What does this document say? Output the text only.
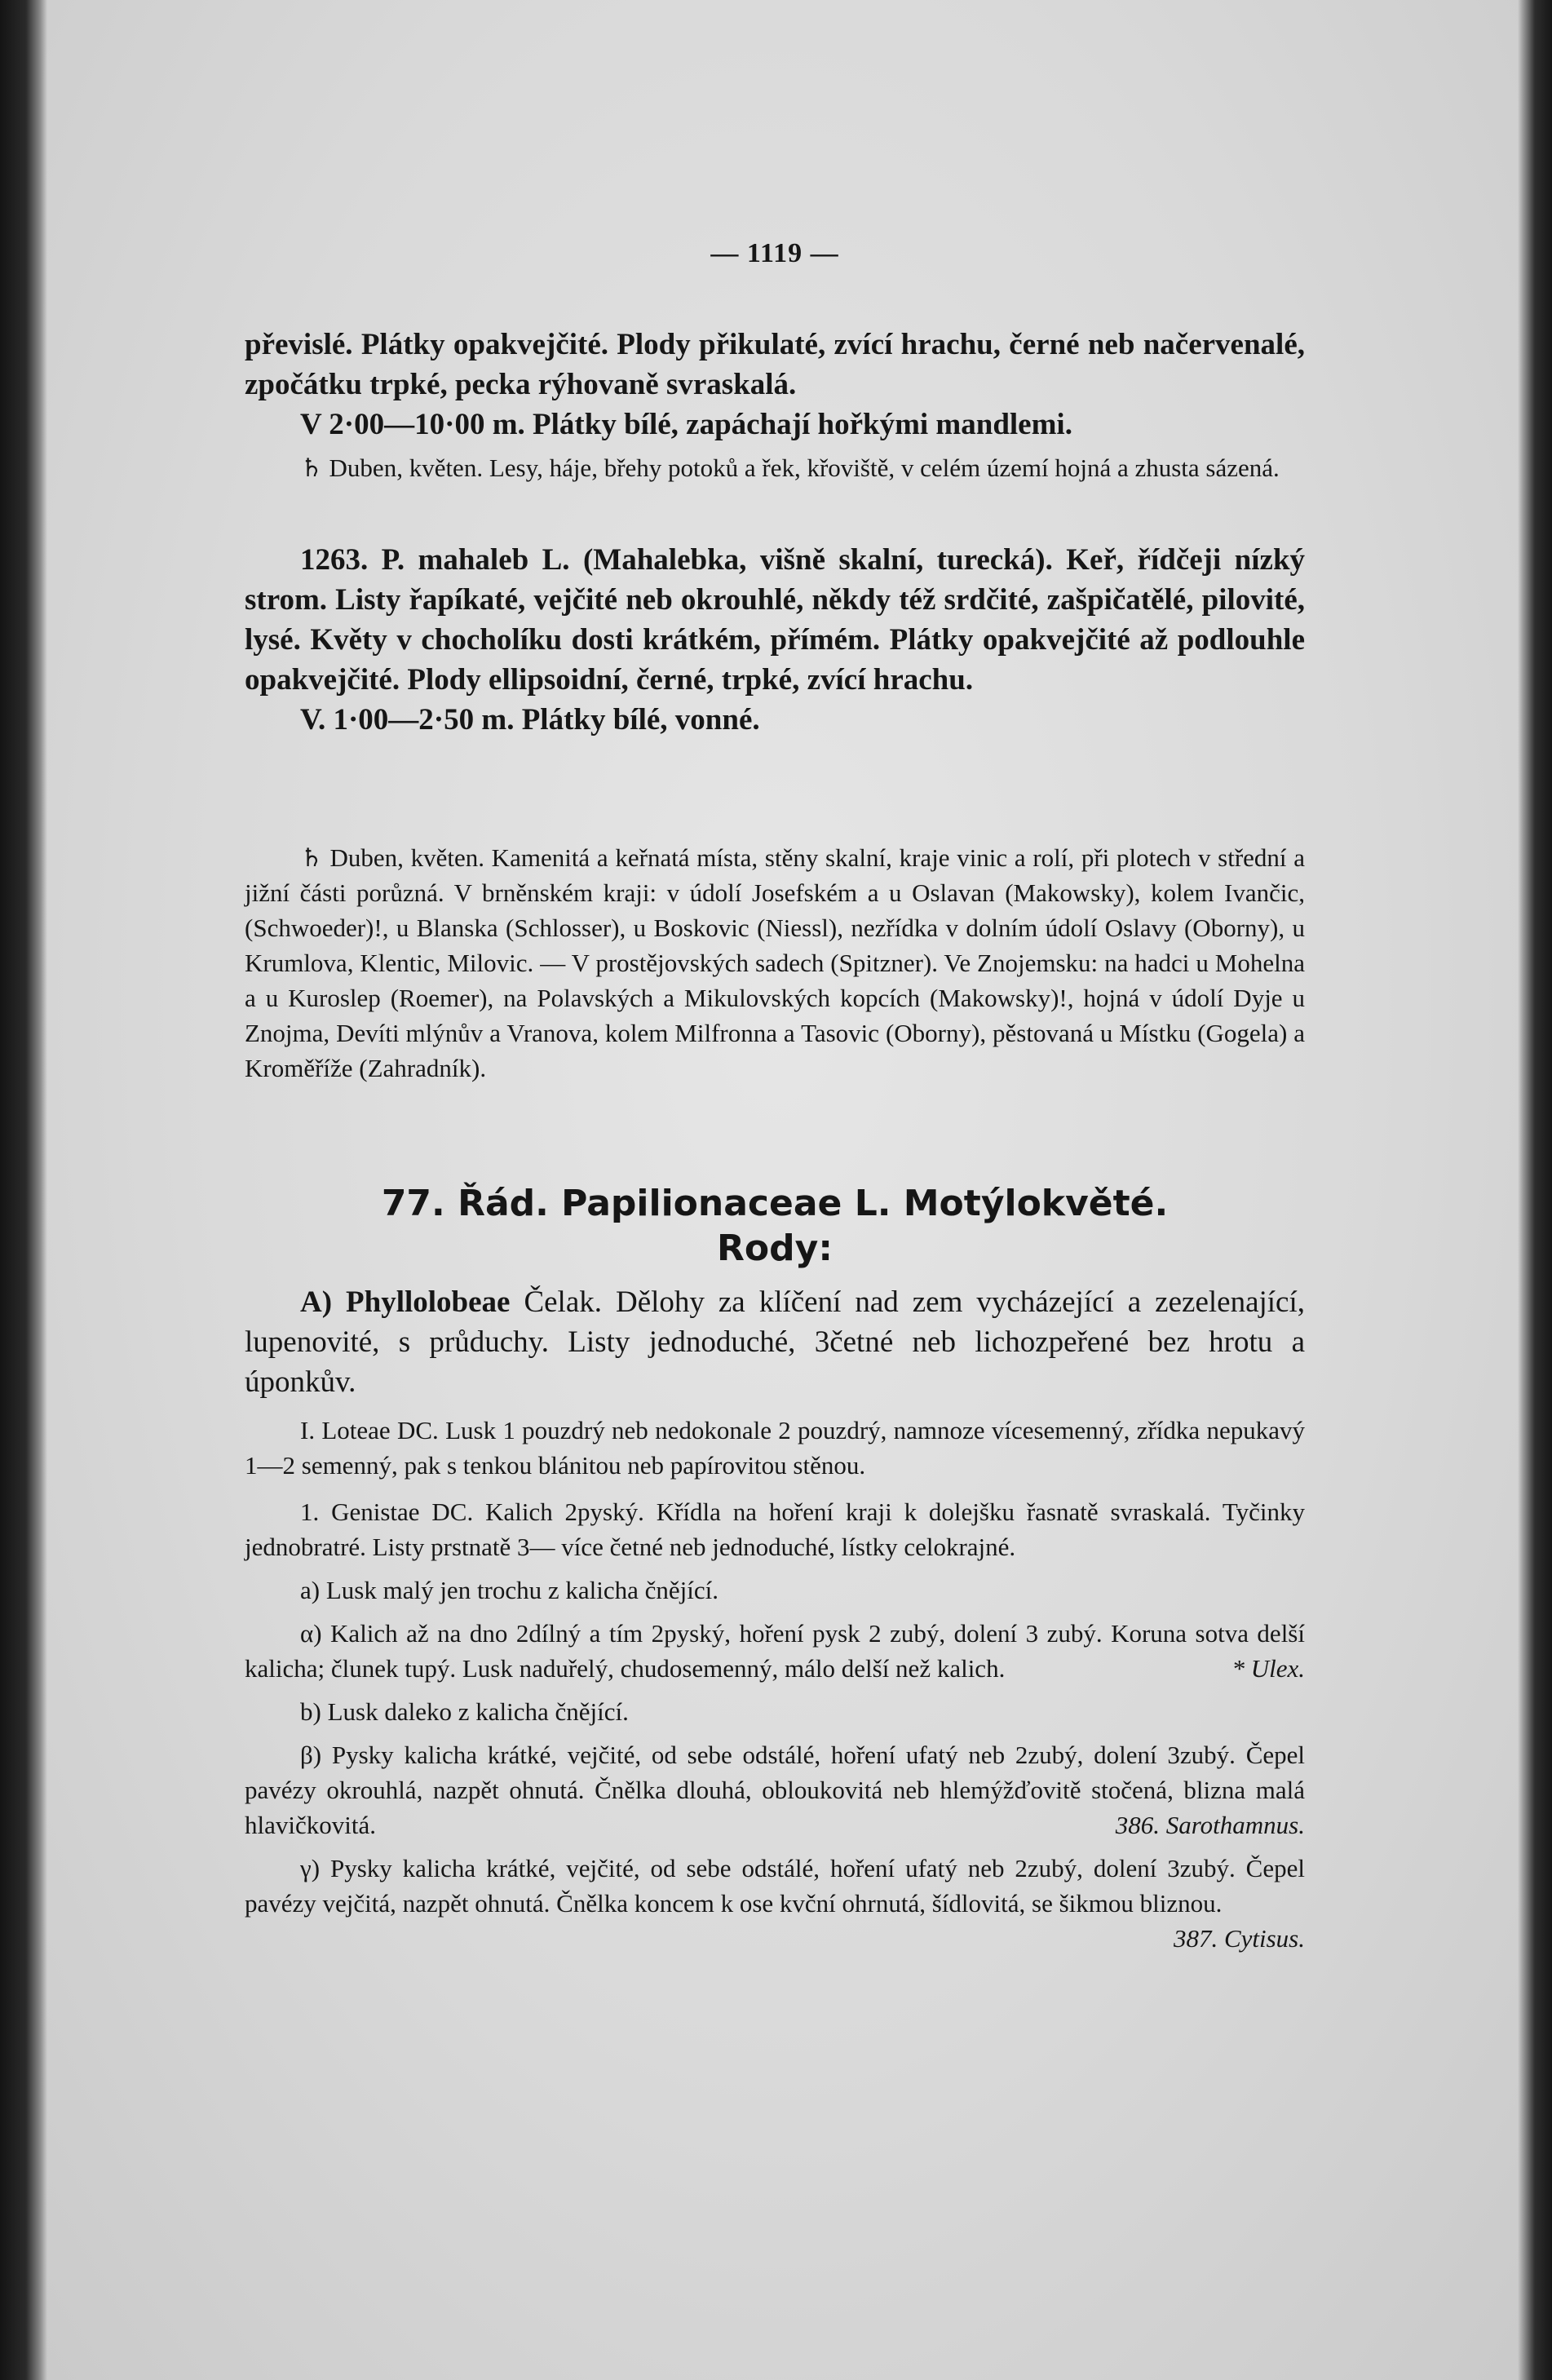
— 1119 —

převislé. Plátky opakvejčité. Plody přikulaté, zvící hrachu, černé neb načervenalé, zpočátku trpké, pecka rýhovaně svraskalá.

V 2·00—10·00 m. Plátky bílé, zapáchají hořkými mandlemi.

♄ Duben, květen. Lesy, háje, břehy potoků a řek, křoviště, v celém území hojná a zhusta sázená.

1263. P. mahaleb L. (Mahalebka, višně skalní, turecká). Keř, řídčeji nízký strom. Listy řapíkaté, vejčité neb okrouhlé, někdy též srdčité, zašpičatělé, pilovité, lysé. Květy v chocholíku dosti krátkém, přímém. Plátky opakvejčité až podlouhle opakvejčité. Plody ellipsoidní, černé, trpké, zvící hrachu.

V. 1·00—2·50 m. Plátky bílé, vonné.

♄ Duben, květen. Kamenitá a keřnatá místa, stěny skalní, kraje vinic a rolí, při plotech v střední a jižní části porůzná. V brněnském kraji: v údolí Josefském a u Oslavan (Makowsky), kolem Ivančic, (Schwoeder)!, u Blanska (Schlosser), u Boskovic (Niessl), nezřídka v dolním údolí Oslavy (Oborny), u Krumlova, Klentic, Milovic. — V prostějovských sadech (Spitzner). Ve Znojemsku: na hadci u Mohelna a u Kuroslep (Roemer), na Polavských a Mikulovských kopcích (Makowsky)!, hojná v údolí Dyje u Znojma, Devíti mlýnův a Vranova, kolem Milfronna a Tasovic (Oborny), pěstovaná u Místku (Gogela) a Kroměříže (Zahradník).

77. Řád. Papilionaceae L. Motýlokvěté.

Rody:

A) Phyllolobeae Čelak. Dělohy za klíčení nad zem vycházející a zezelenající, lupenovité, s průduchy. Listy jednoduché, 3četné neb lichozpeřené bez hrotu a úponkův.

I. Loteae DC. Lusk 1 pouzdrý neb nedokonale 2 pouzdrý, namnoze vícesemenný, zřídka nepukavý 1—2 semenný, pak s tenkou blánitou neb papírovitou stěnou.

1. Genistae DC. Kalich 2pyský. Křídla na hoření kraji k dolejšku řasnatě svraskalá. Tyčinky jednobratré. Listy prstnatě 3— více četné neb jednoduché, lístky celokrajné.

a) Lusk malý jen trochu z kalicha čnějící.

α) Kalich až na dno 2dílný a tím 2pyský, hoření pysk 2 zubý, dolení 3 zubý. Koruna sotva delší kalicha; člunek tupý. Lusk naduřelý, chudosemenný, málo delší než kalich.	* Ulex.

b) Lusk daleko z kalicha čnějící.

β) Pysky kalicha krátké, vejčité, od sebe odstálé, hoření ufatý neb 2zubý, dolení 3zubý. Čepel pavézy okrouhlá, nazpět ohnutá. Čnělka dlouhá, obloukovitá neb hlemýžďovitě stočená, blizna malá hlavičkovitá.	386. Sarothamnus.

γ) Pysky kalicha krátké, vejčité, od sebe odstálé, hoření ufatý neb 2zubý, dolení 3zubý. Čepel pavézy vejčitá, nazpět ohnutá. Čnělka koncem k ose kvční ohrnutá, šídlovitá, se šikmou bliznou.
387. Cytisus.
